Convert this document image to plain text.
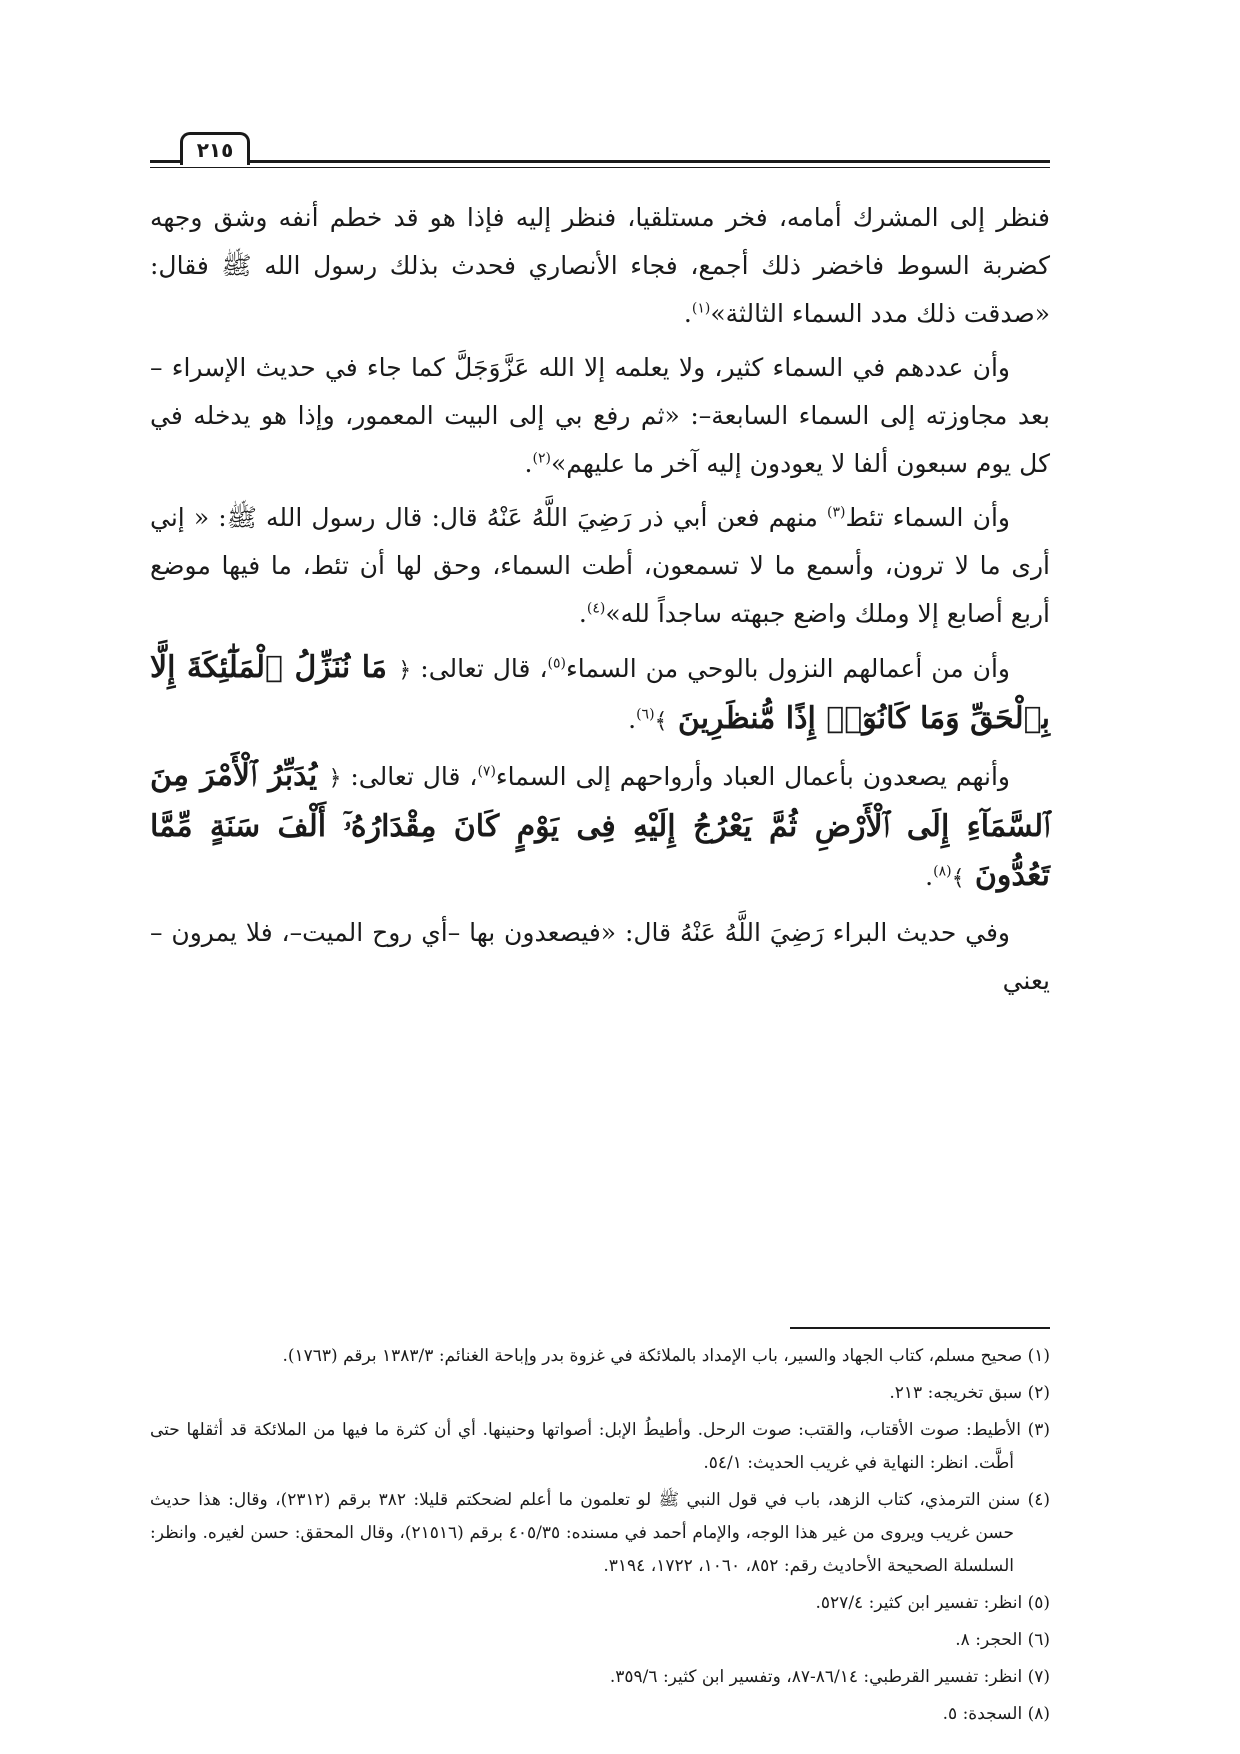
٢١٥

فنظر إلى المشرك أمامه، فخر مستلقيا، فنظر إليه فإذا هو قد خطم أنفه وشق وجهه كضربة السوط فاخضر ذلك أجمع، فجاء الأنصاري فحدث بذلك رسول الله ﷺ فقال: «صدقت ذلك مدد السماء الثالثة»$^{(١)}$.

وأن عددهم في السماء كثير، ولا يعلمه إلا الله عَزَّوَجَلَّ كما جاء في حديث الإسراء –بعد مجاوزته إلى السماء السابعة–: «ثم رفع بي إلى البيت المعمور، وإذا هو يدخله في كل يوم سبعون ألفا لا يعودون إليه آخر ما عليهم»$^{(٢)}$.

وأن السماء تئط$^{(٣)}$ منهم فعن أبي ذر رَضِيَ اللَّهُ عَنْهُ قال: قال رسول الله ﷺ: « إني أرى ما لا ترون، وأسمع ما لا تسمعون، أطت السماء، وحق لها أن تئط، ما فيها موضع أربع أصابع إلا وملك واضع جبهته ساجداً لله»$^{(٤)}$.

وأن من أعمالهم النزول بالوحي من السماء$^{(٥)}$، قال تعالى: ﴿ مَا نُنَزِّلُ ٱلْمَلَٰٓئِكَةَ إِلَّا بِٱلْحَقِّ وَمَا كَانُوٓا۟ إِذًا مُّنظَرِينَ ﴾$^{(٦)}$.

وأنهم يصعدون بأعمال العباد وأرواحهم إلى السماء$^{(٧)}$، قال تعالى: ﴿ يُدَبِّرُ ٱلْأَمْرَ مِنَ ٱلسَّمَآءِ إِلَى ٱلْأَرْضِ ثُمَّ يَعْرُجُ إِلَيْهِ فِى يَوْمٍ كَانَ مِقْدَارُهُۥٓ أَلْفَ سَنَةٍ مِّمَّا تَعُدُّونَ ﴾$^{(٨)}$.

وفي حديث البراء رَضِيَ اللَّهُ عَنْهُ قال: «فيصعدون بها –أي روح الميت–، فلا يمرون – يعني

(١) صحيح مسلم، كتاب الجهاد والسير، باب الإمداد بالملائكة في غزوة بدر وإباحة الغنائم: ١٣٨٣/٣ برقم (١٧٦٣).

(٢) سبق تخريجه: ٢١٣.

(٣) الأطيط: صوت الأقتاب، والقتب: صوت الرحل. وأطيطُ الإبل: أصواتها وحنينها. أي أن كثرة ما فيها من الملائكة قد أثقلها حتى أطَّت. انظر: النهاية في غريب الحديث: ٥٤/١.

(٤) سنن الترمذي، كتاب الزهد، باب في قول النبي ﷺ لو تعلمون ما أعلم لضحكتم قليلا: ٣٨٢ برقم (٢٣١٢)، وقال: هذا حديث حسن غريب ويروى من غير هذا الوجه، والإمام أحمد في مسنده: ٤٠٥/٣٥ برقم (٢١٥١٦)، وقال المحقق: حسن لغيره. وانظر: السلسلة الصحيحة الأحاديث رقم: ٨٥٢، ١٠٦٠، ١٧٢٢، ٣١٩٤.

(٥) انظر: تفسير ابن كثير: ٥٢٧/٤.

(٦) الحجر: ٨.

(٧) انظر: تفسير القرطبي: ٨٦/١٤-٨٧، وتفسير ابن كثير: ٣٥٩/٦.

(٨) السجدة: ٥.
